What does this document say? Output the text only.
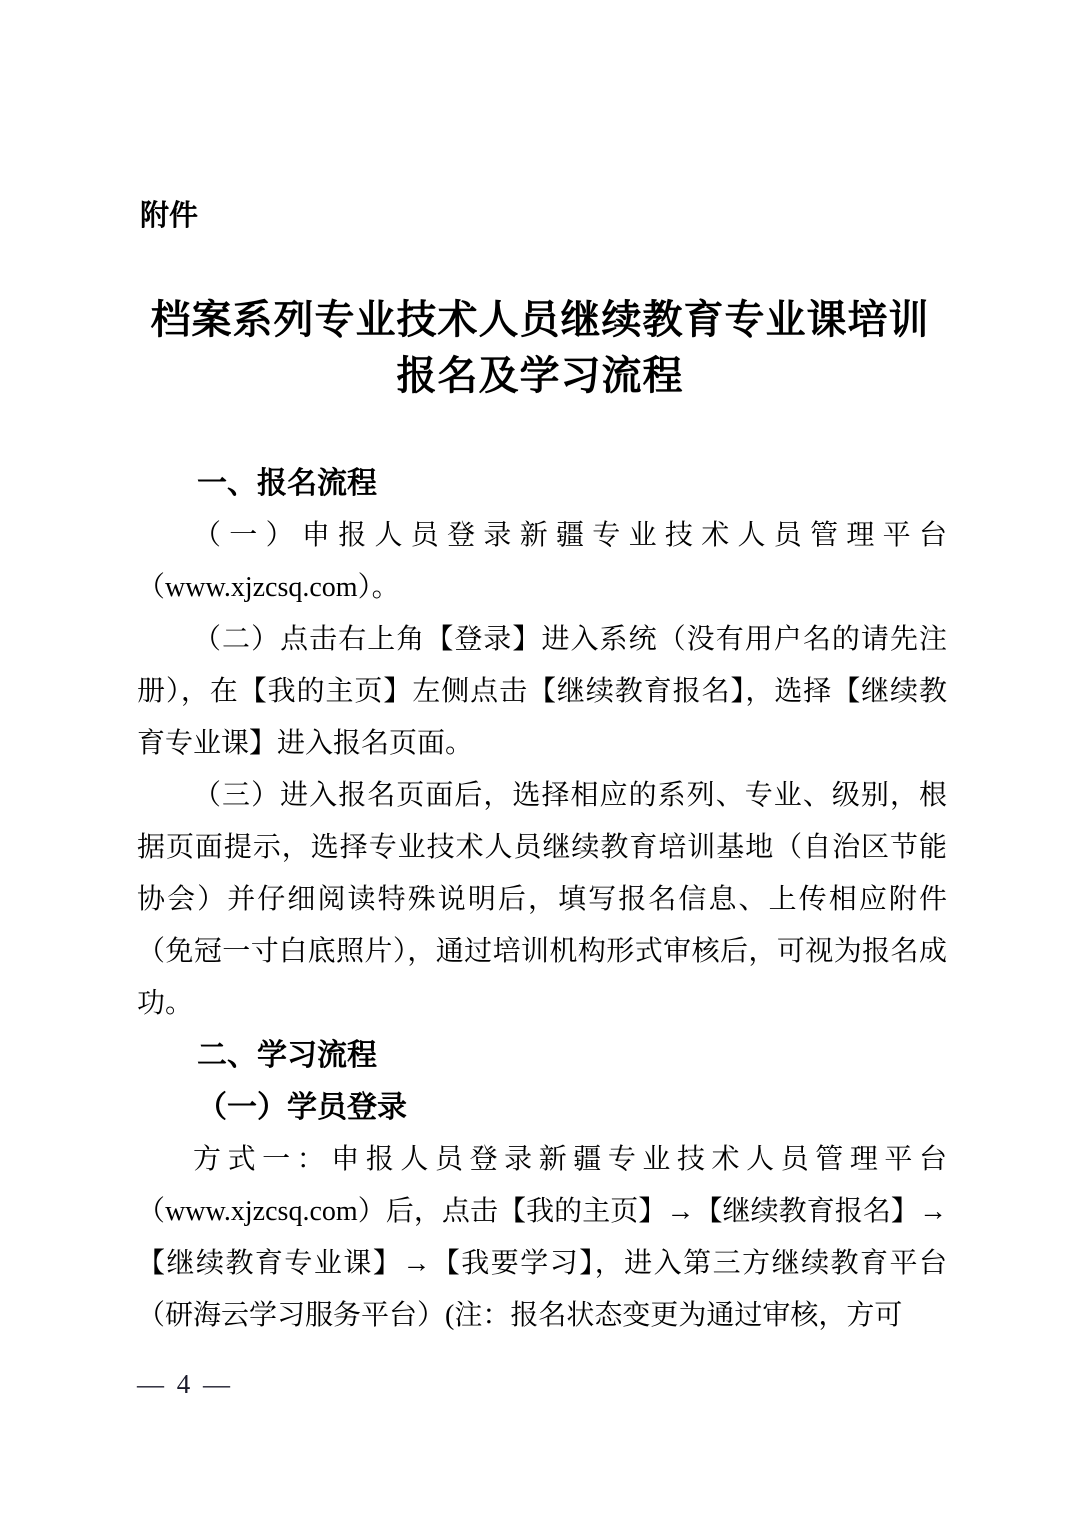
附件
档案系列专业技术人员继续教育专业课培训
报名及学习流程
一、报名流程

（一）申报人员登录新疆专业技术人员管理平台（www.xjzcsq.com）。

（二）点击右上角【登录】进入系统（没有用户名的请先注册），在【我的主页】左侧点击【继续教育报名】，选择【继续教育专业课】进入报名页面。

（三）进入报名页面后，选择相应的系列、专业、级别，根据页面提示，选择专业技术人员继续教育培训基地（自治区节能协会）并仔细阅读特殊说明后，填写报名信息、上传相应附件（免冠一寸白底照片），通过培训机构形式审核后，可视为报名成功。

二、学习流程
（一）学员登录

方式一：申报人员登录新疆专业技术人员管理平台（www.xjzcsq.com）后，点击【我的主页】→【继续教育报名】→【继续教育专业课】→【我要学习】，进入第三方继续教育平台（研海云学习服务平台）(注：报名状态变更为通过审核，方可

— 4 —
